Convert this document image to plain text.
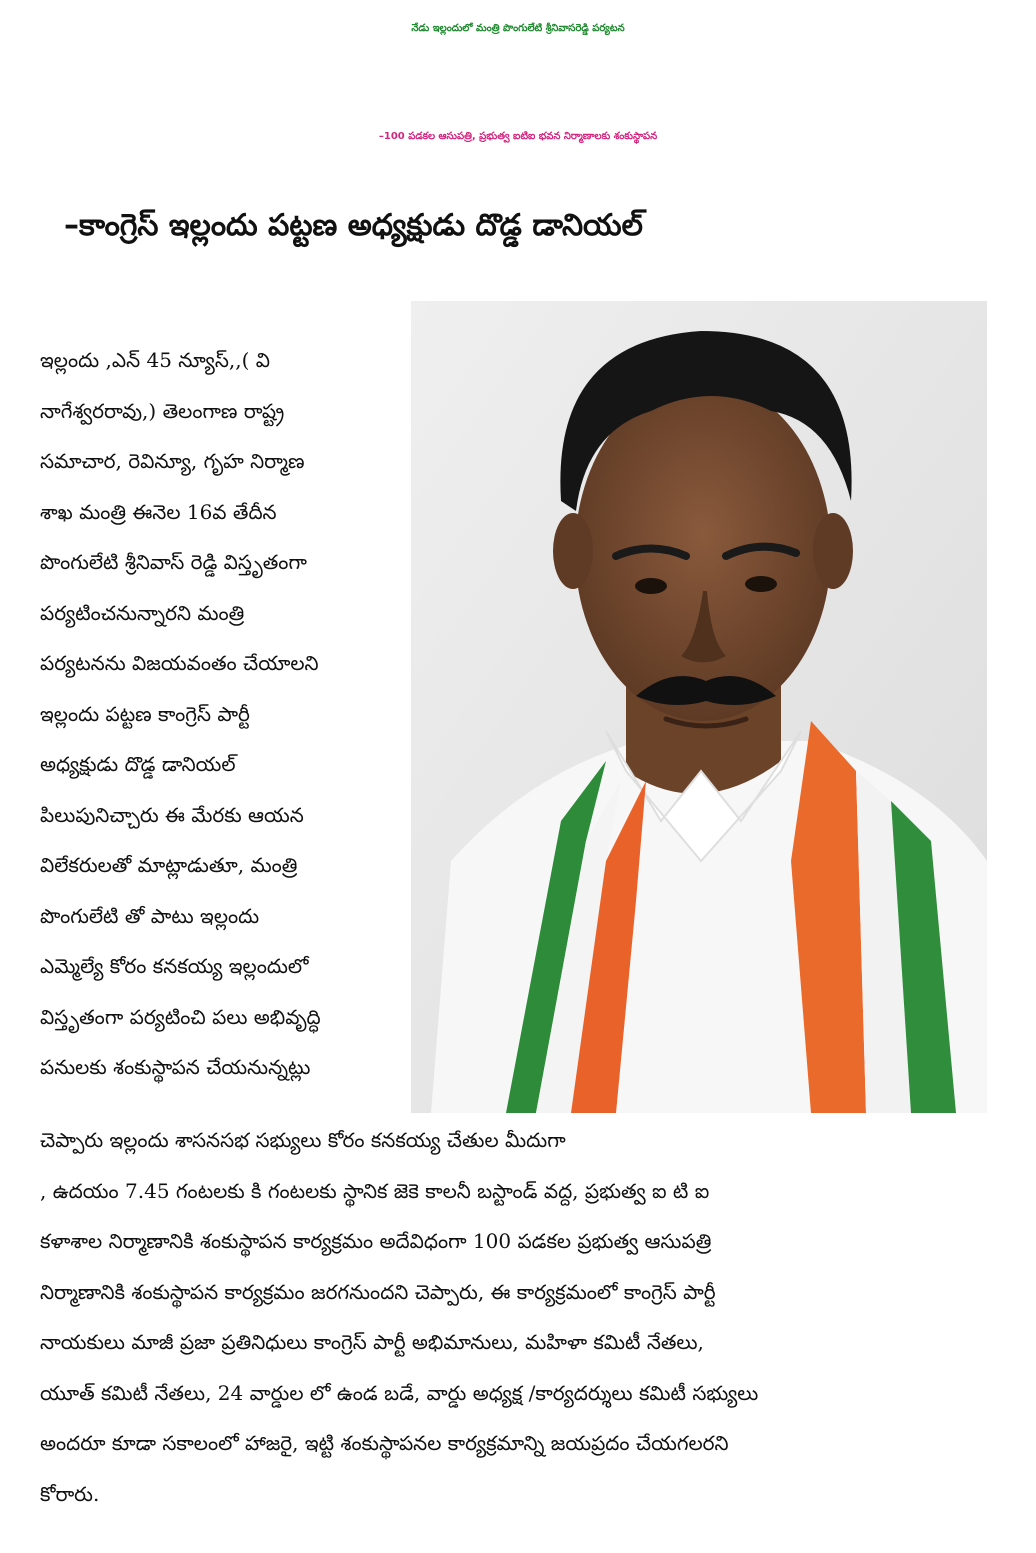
నేడు ఇల్లందులో మంత్రి పొంగులేటి శ్రీనివాసరెడ్డి పర్యటన
–100 పడకల ఆసుపత్రి, ప్రభుత్వ ఐటిఐ భవన నిర్మాణాలకు శంకుస్థాపన
–కాంగ్రెస్ ఇల్లందు పట్టణ అధ్యక్షుడు దొడ్డ డానియల్
ఇల్లందు ,ఎన్ 45 న్యూస్,,( వి
నాగేశ్వరరావు,) తెలంగాణ రాష్ట్ర
సమాచార, రెవిన్యూ, గృహ నిర్మాణ
శాఖ మంత్రి ఈనెల 16వ తేదీన
పొంగులేటి శ్రీనివాస్ రెడ్డి విస్తృతంగా
పర్యటించనున్నారని మంత్రి
పర్యటనను విజయవంతం చేయాలని
ఇల్లందు పట్టణ కాంగ్రెస్ పార్టీ
అధ్యక్షుడు దొడ్డ డానియల్
పిలుపునిచ్చారు ఈ మేరకు ఆయన
విలేకరులతో మాట్లాడుతూ, మంత్రి
పొంగులేటి తో పాటు ఇల్లందు
ఎమ్మెల్యే కోరం కనకయ్య ఇల్లందులో
విస్తృతంగా పర్యటించి పలు అభివృద్ధి
పనులకు శంకుస్థాపన చేయనున్నట్లు
చెప్పారు ఇల్లందు శాసనసభ సభ్యులు కోరం కనకయ్య చేతుల మీదుగా
, ఉదయం 7.45 గంటలకు కి గంటలకు స్థానిక జెకె కాలనీ బస్టాండ్ వద్ద, ప్రభుత్వ ఐ టి ఐ
కళాశాల నిర్మాణానికి శంకుస్థాపన కార్యక్రమం అదేవిధంగా 100 పడకల ప్రభుత్వ ఆసుపత్రి
నిర్మాణానికి శంకుస్థాపన కార్యక్రమం జరగనుందని చెప్పారు, ఈ కార్యక్రమంలో కాంగ్రెస్ పార్టీ
నాయకులు మాజీ ప్రజా ప్రతినిధులు కాంగ్రెస్ పార్టీ అభిమానులు, మహిళా కమిటీ నేతలు,
యూత్ కమిటీ నేతలు, 24 వార్డుల లో ఉండ బడే, వార్డు అధ్యక్ష /కార్యదర్శులు కమిటీ సభ్యులు
అందరూ కూడా సకాలంలో హాజరై, ఇట్టి శంకుస్థాపనల కార్యక్రమాన్ని జయప్రదం చేయగలరని
కోరారు.
